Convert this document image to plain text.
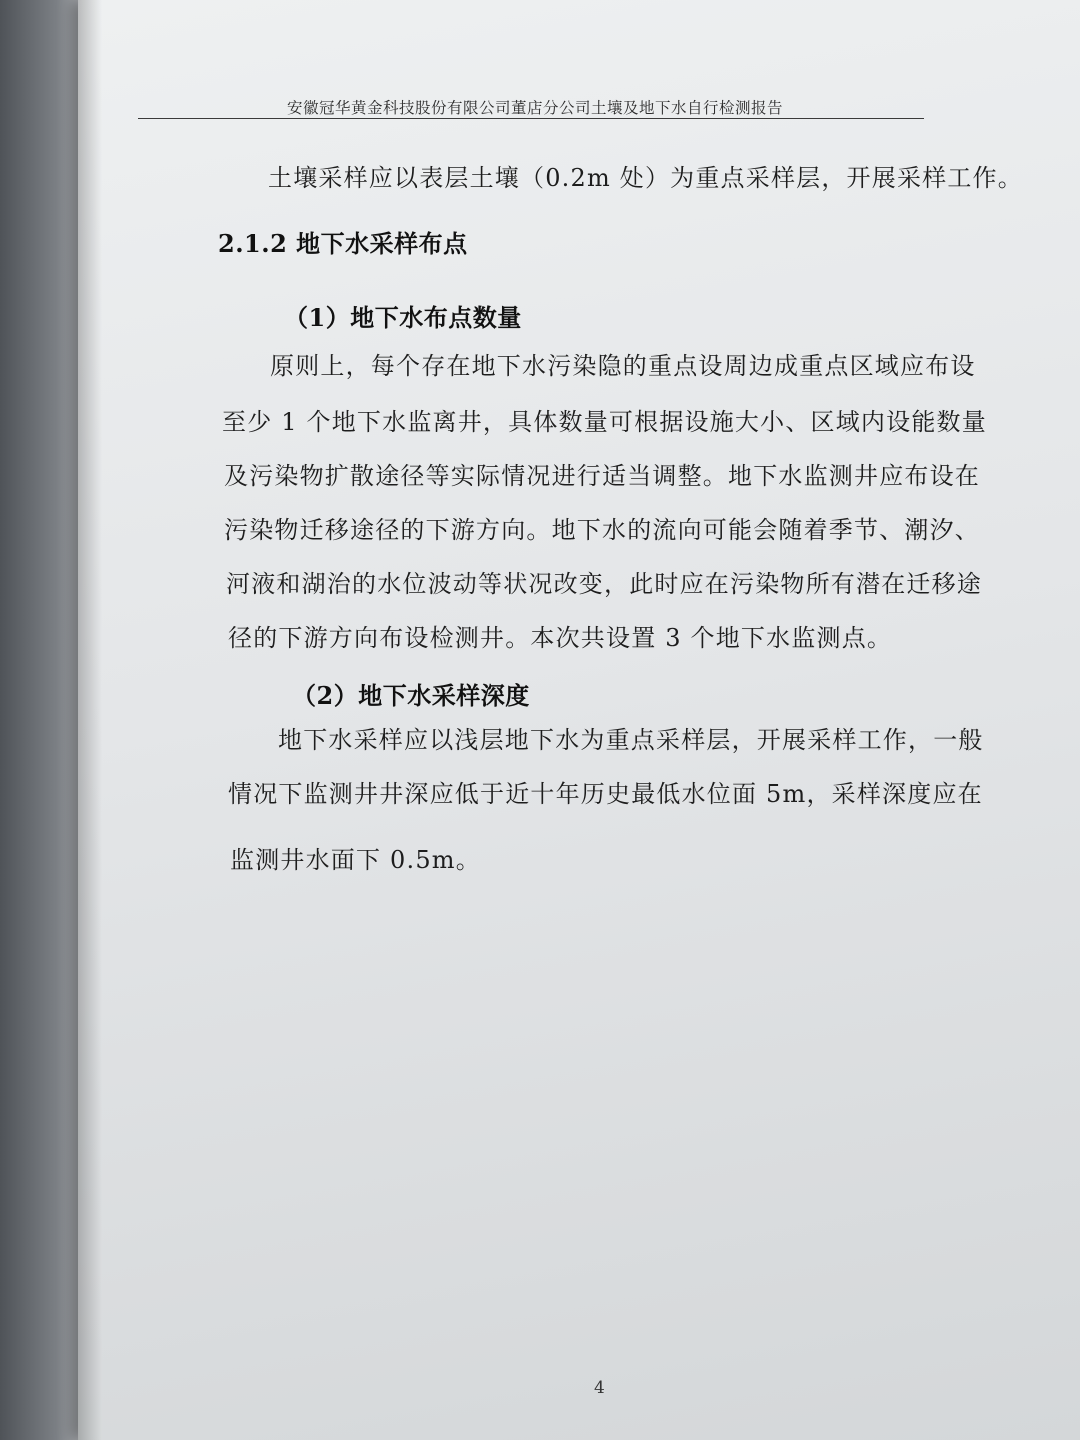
安徽冠华黄金科技股份有限公司董店分公司土壤及地下水自行检测报告
土壤采样应以表层土壤（0.2m 处）为重点采样层，开展采样工作。
2.1.2 地下水采样布点
（1）地下水布点数量
原则上，每个存在地下水污染隐的重点设周边成重点区域应布设
至少 1 个地下水监离井，具体数量可根据设施大小、区域内设能数量
及污染物扩散途径等实际情况进行适当调整。地下水监测井应布设在
污染物迁移途径的下游方向。地下水的流向可能会随着季节、潮汐、
河液和湖治的水位波动等状况改变，此时应在污染物所有潜在迁移途
径的下游方向布设检测井。本次共设置 3 个地下水监测点。
（2）地下水采样深度
地下水采样应以浅层地下水为重点采样层，开展采样工作，一般
情况下监测井井深应低于近十年历史最低水位面 5m，采样深度应在
监测井水面下 0.5m。
4
